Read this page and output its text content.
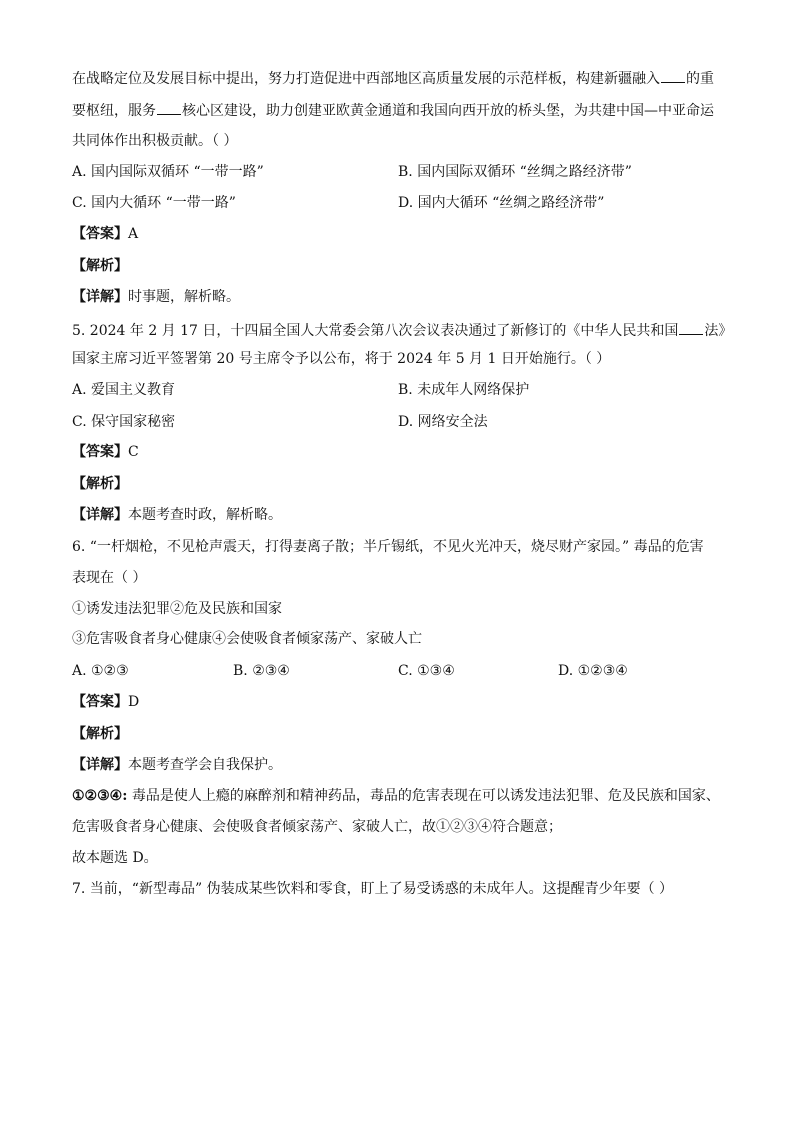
在战略定位及发展目标中提出，努力打造促进中西部地区高质量发展的示范样板，构建新疆融入 的重
要枢纽，服务 核心区建设，助力创建亚欧黄金通道和我国向西开放的桥头堡，为共建中国—中亚命运
共同体作出积极贡献。（ ）
A. 国内国际双循环 “一带一路”	B. 国内国际双循环 “丝绸之路经济带”
C. 国内大循环 “一带一路”	D. 国内大循环 “丝绸之路经济带”
【答案】A
【解析】
【详解】时事题，解析略。
5. 2024 年 2 月 17 日，十四届全国人大常委会第八次会议表决通过了新修订的《中华人民共和国 法》
国家主席习近平签署第 20 号主席令予以公布，将于 2024 年 5 月 1 日开始施行。（ ）
A. 爱国主义教育	B. 未成年人网络保护
C. 保守国家秘密	D. 网络安全法
【答案】C
【解析】
【详解】本题考查时政，解析略。
6. “一杆烟枪，不见枪声震天，打得妻离子散；半斤锡纸，不见火光冲天，烧尽财产家园。” 毒品的危害
表现在（ ）
①诱发违法犯罪②危及民族和国家
③危害吸食者身心健康④会使吸食者倾家荡产、家破人亡
A. ①②③	B. ②③④	C. ①③④	D. ①②③④
【答案】D
【解析】
【详解】本题考查学会自我保护。
①②③④: 毒品是使人上瘾的麻醉剂和精神药品，毒品的危害表现在可以诱发违法犯罪、危及民族和国家、
危害吸食者身心健康、会使吸食者倾家荡产、家破人亡，故①②③④符合题意；
故本题选 D。
7. 当前，“新型毒品” 伪装成某些饮料和零食，盯上了易受诱惑的未成年人。这提醒青少年要（ ）
